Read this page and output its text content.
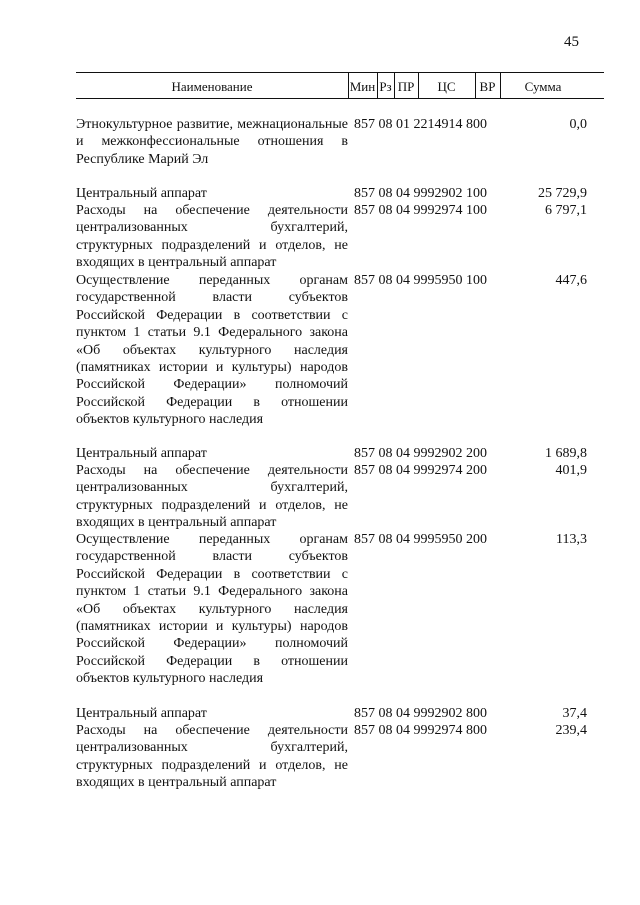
45
Наименование	Мин Рз ПР	ЦС	ВР	Сумма
Этнокультурное развитие, межнациональные и межконфессиональные отношения в Республике Марий Эл
857 08 01 2214914 800	0,0
Центральный аппарат	857 08 04 9992902 100	25 729,9
Расходы на обеспечение деятельности централизованных бухгалтерий, структурных подразделений и отделов, не входящих в центральный аппарат
857 08 04 9992974 100	6 797,1
Осуществление переданных органам государственной власти субъектов Российской Федерации в соответствии с пунктом 1 статьи 9.1 Федерального закона «Об объектах культурного наследия (памятниках истории и культуры) народов Российской Федерации» полномочий Российской Федерации в отношении объектов культурного наследия
857 08 04 9995950 100	447,6
Центральный аппарат	857 08 04 9992902 200	1 689,8
Расходы на обеспечение деятельности централизованных бухгалтерий, структурных подразделений и отделов, не входящих в центральный аппарат
857 08 04 9992974 200	401,9
Осуществление переданных органам государственной власти субъектов Российской Федерации в соответствии с пунктом 1 статьи 9.1 Федерального закона «Об объектах культурного наследия (памятниках истории и культуры) народов Российской Федерации» полномочий Российской Федерации в отношении объектов культурного наследия
857 08 04 9995950 200	113,3
Центральный аппарат	857 08 04 9992902 800	37,4
Расходы на обеспечение деятельности централизованных бухгалтерий, структурных подразделений и отделов, не входящих в центральный аппарат
857 08 04 9992974 800	239,4
